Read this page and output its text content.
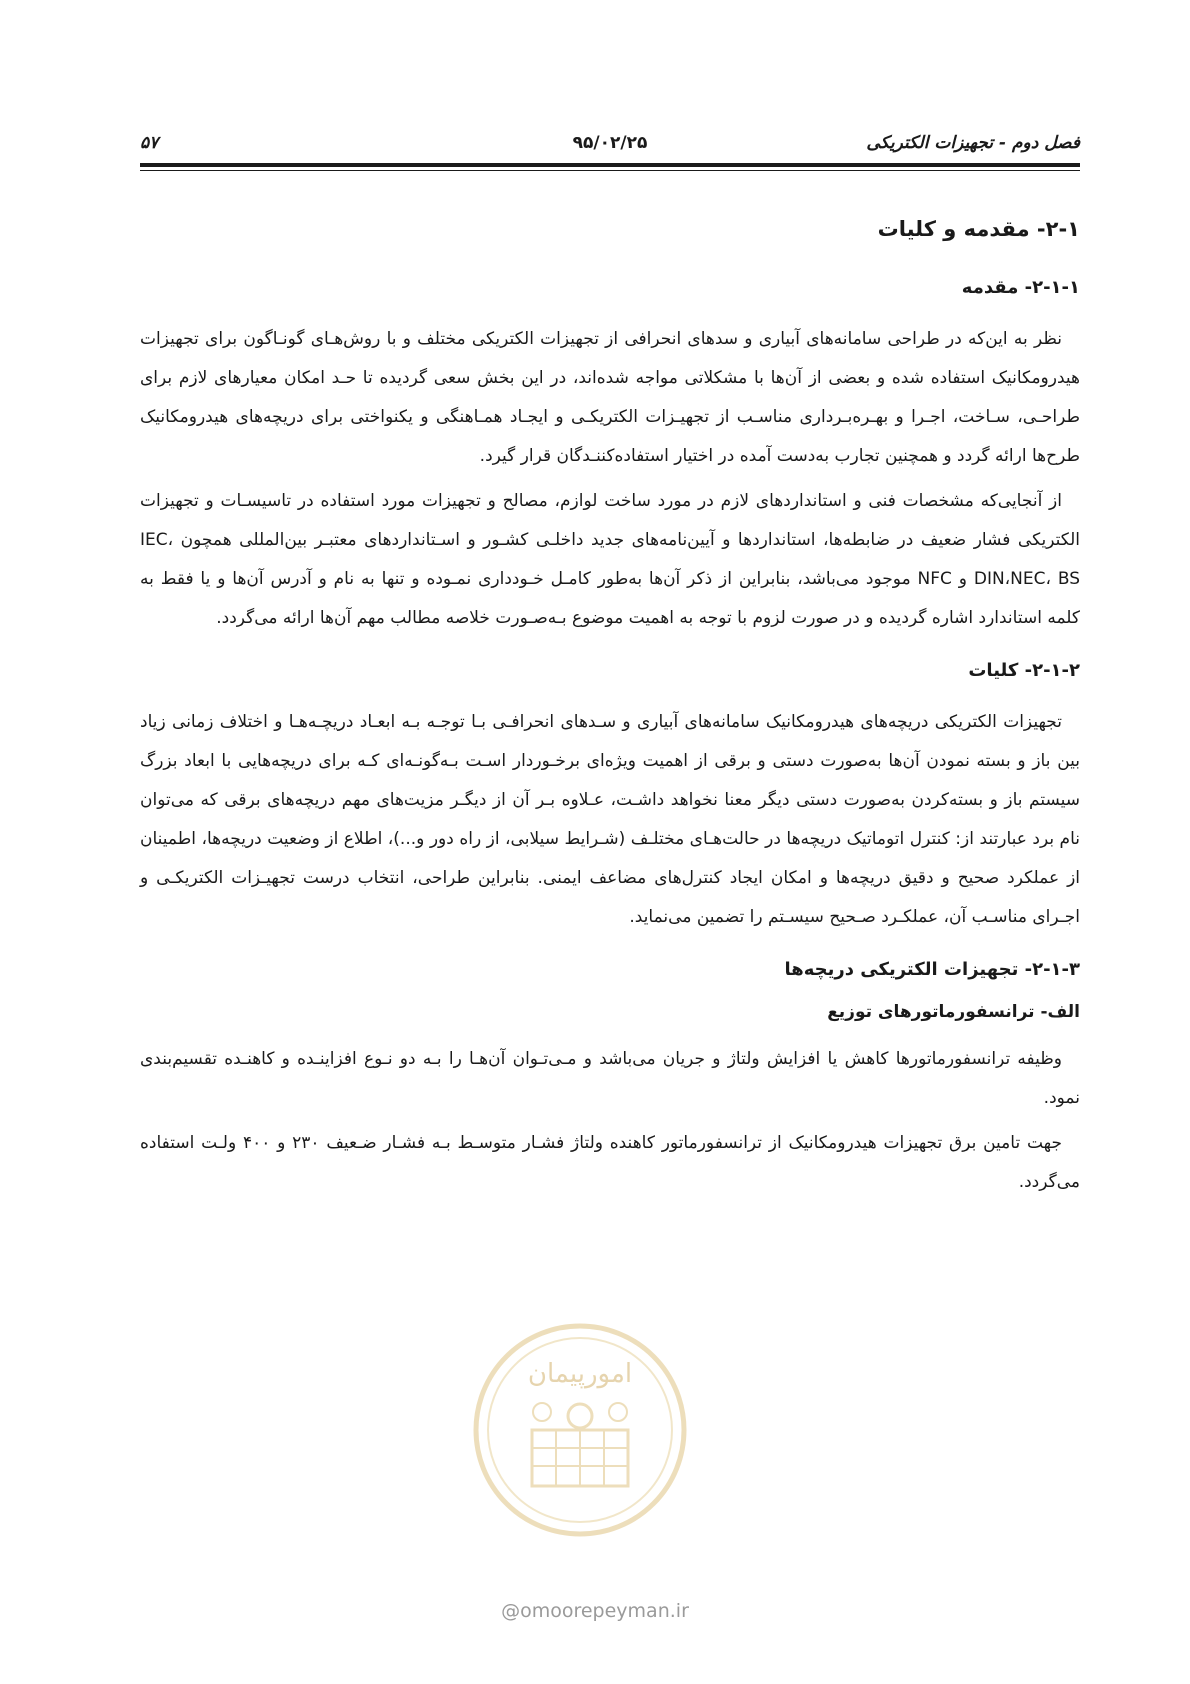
فصل دوم - تجهیزات الکتریکی
۹۵/۰۲/۲۵
۵۷
۲-۱- مقدمه و کلیات
۲-۱-۱- مقدمه

نظر به این‌که در طراحی سامانه‌های آبیاری و سدهای انحرافی از تجهیزات الکتریکی مختلف و با روش‌هـای گونـاگون برای تجهیزات هیدرومکانیک استفاده شده و بعضی از آن‌ها با مشکلاتی مواجه شده‌اند، در این بخش سعی گردیده تا حـد امکان معیارهای لازم برای طراحـی، سـاخت، اجـرا و بهـره‌بـرداری مناسـب از تجهیـزات الکتریکـی و ایجـاد همـاهنگی و یکنواختی برای دریچه‌های هیدرومکانیک طرح‌ها ارائه گردد و همچنین تجارب به‌دست آمده در اختیار استفاده‌کننـدگان قرار گیرد.

از آنجایی‌که مشخصات فنی و استانداردهای لازم در مورد ساخت لوازم، مصالح و تجهیزات مورد استفاده در تاسیسـات و تجهیزات الکتریکی فشار ضعیف در ضابطه‌ها، استانداردها و آیین‌نامه‌های جدید داخلـی کشـور و اسـتانداردهای معتبـر بین‌المللی همچون IEC، DIN،NEC، BS و NFC موجود می‌باشد، بنابراین از ذکر آن‌ها به‌طور کامـل خـودداری نمـوده و تنها به نام و آدرس آن‌ها و یا فقط به کلمه استاندارد اشاره گردیده و در صورت لزوم با توجه به اهمیت موضوع بـه‌صـورت خلاصه مطالب مهم آن‌ها ارائه می‌گردد.

۲-۱-۲- کلیات

تجهیزات الکتریکی دریچه‌های هیدرومکانیک سامانه‌های آبیاری و سـدهای انحرافـی بـا توجـه بـه ابعـاد دریچـه‌هـا و اختلاف زمانی زیاد بین باز و بسته نمودن آن‌ها به‌صورت دستی و برقی از اهمیت ویژه‌ای برخـوردار اسـت بـه‌گونـه‌ای کـه برای دریچه‌هایی با ابعاد بزرگ سیستم باز و بسته‌کردن به‌صورت دستی دیگر معنا نخواهد داشـت، عـلاوه بـر آن از دیگـر مزیت‌های مهم دریچه‌های برقی که می‌توان نام برد عبارتند از: کنترل اتوماتیک دریچه‌ها در حالت‌هـای مختلـف (شـرایط سیلابی، از راه دور و...)، اطلاع از وضعیت دریچه‌ها، اطمینان از عملکرد صحیح و دقیق دریچه‌ها و امکان ایجاد کنترل‌های مضاعف ایمنی. بنابراین طراحی، انتخاب درست تجهیـزات الکتریکـی و اجـرای مناسـب آن، عملکـرد صـحیح سیسـتم را تضمین می‌نماید.

۲-۱-۳- تجهیزات الکتریکی دریچه‌ها
الف- ترانسفورماتورهای توزیع

وظیفه ترانسفورماتورها کاهش یا افزایش ولتاژ و جریان می‌باشد و مـی‌تـوان آن‌هـا را بـه دو نـوع افزاینـده و کاهنـده تقسیم‌بندی نمود.

جهت تامین برق تجهیزات هیدرومکانیک از ترانسفورماتور کاهنده ولتاژ فشـار متوسـط بـه فشـار ضـعیف ۲۳۰ و ۴۰۰ ولـت استفاده می‌گردد.

امورپیمان
@omoorepeyman.ir
